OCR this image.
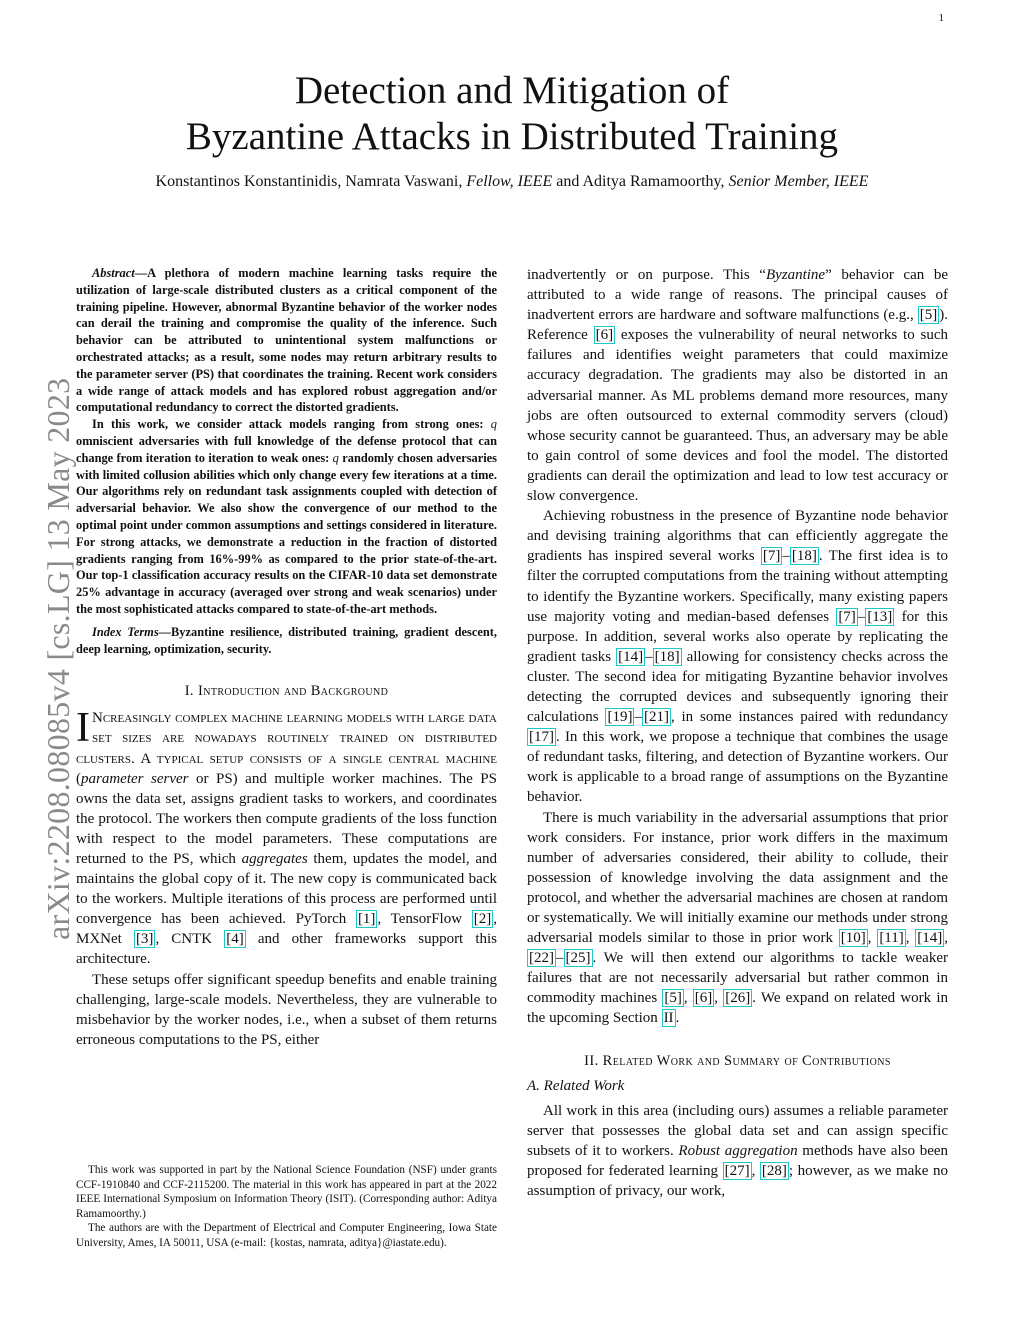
1
arXiv:2208.08085v4 [cs.LG] 13 May 2023
Detection and Mitigation of
Byzantine Attacks in Distributed Training
Konstantinos Konstantinidis, Namrata Vaswani, Fellow, IEEE and Aditya Ramamoorthy, Senior Member, IEEE

Abstract—A plethora of modern machine learning tasks require the utilization of large-scale distributed clusters as a critical component of the training pipeline. However, abnormal Byzantine behavior of the worker nodes can derail the training and compromise the quality of the inference. Such behavior can be attributed to unintentional system malfunctions or orchestrated attacks; as a result, some nodes may return arbitrary results to the parameter server (PS) that coordinates the training. Recent work considers a wide range of attack models and has explored robust aggregation and/or computational redundancy to correct the distorted gradients.

In this work, we consider attack models ranging from strong ones: q omniscient adversaries with full knowledge of the defense protocol that can change from iteration to iteration to weak ones: q randomly chosen adversaries with limited collusion abilities which only change every few iterations at a time. Our algorithms rely on redundant task assignments coupled with detection of adversarial behavior. We also show the convergence of our method to the optimal point under common assumptions and settings considered in literature. For strong attacks, we demonstrate a reduction in the fraction of distorted gradients ranging from 16%-99% as compared to the prior state-of-the-art. Our top-1 classification accuracy results on the CIFAR-10 data set demonstrate 25% advantage in accuracy (averaged over strong and weak scenarios) under the most sophisticated attacks compared to state-of-the-art methods.

Index Terms—Byzantine resilience, distributed training, gradient descent, deep learning, optimization, security.

I. Introduction and Background

I Ncreasingly complex machine learning models with large data set sizes are nowadays routinely trained on distributed clusters. A typical setup consists of a single central machine (parameter server or PS) and multiple worker machines. The PS owns the data set, assigns gradient tasks to workers, and coordinates the protocol. The workers then compute gradients of the loss function with respect to the model parameters. These computations are returned to the PS, which aggregates them, updates the model, and maintains the global copy of it. The new copy is communicated back to the workers. Multiple iterations of this process are performed until convergence has been achieved. PyTorch [1] , TensorFlow [2] , MXNet [3] , CNTK [4] and other frameworks support this architecture.

These setups offer significant speedup benefits and enable training challenging, large-scale models. Nevertheless, they are vulnerable to misbehavior by the worker nodes, i.e., when a subset of them returns erroneous computations to the PS, either

This work was supported in part by the National Science Foundation (NSF) under grants CCF-1910840 and CCF-2115200. The material in this work has appeared in part at the 2022 IEEE International Symposium on Information Theory (ISIT). (Corresponding author: Aditya Ramamoorthy.)

The authors are with the Department of Electrical and Computer Engineering, Iowa State University, Ames, IA 50011, USA (e-mail: {kostas, namrata, aditya}@iastate.edu).

inadvertently or on purpose. This “Byzantine” behavior can be attributed to a wide range of reasons. The principal causes of inadvertent errors are hardware and software malfunctions (e.g., [5] ). Reference [6] exposes the vulnerability of neural networks to such failures and identifies weight parameters that could maximize accuracy degradation. The gradients may also be distorted in an adversarial manner. As ML problems demand more resources, many jobs are often outsourced to external commodity servers (cloud) whose security cannot be guaranteed. Thus, an adversary may be able to gain control of some devices and fool the model. The distorted gradients can derail the optimization and lead to low test accuracy or slow convergence.

Achieving robustness in the presence of Byzantine node behavior and devising training algorithms that can efficiently aggregate the gradients has inspired several works [7] – [18] . The first idea is to filter the corrupted computations from the training without attempting to identify the Byzantine workers. Specifically, many existing papers use majority voting and median-based defenses [7] – [13] for this purpose. In addition, several works also operate by replicating the gradient tasks [14] – [18] allowing for consistency checks across the cluster. The second idea for mitigating Byzantine behavior involves detecting the corrupted devices and subsequently ignoring their calculations [19] – [21] , in some instances paired with redundancy [17] . In this work, we propose a technique that combines the usage of redundant tasks, filtering, and detection of Byzantine workers. Our work is applicable to a broad range of assumptions on the Byzantine behavior.

There is much variability in the adversarial assumptions that prior work considers. For instance, prior work differs in the maximum number of adversaries considered, their ability to collude, their possession of knowledge involving the data assignment and the protocol, and whether the adversarial machines are chosen at random or systematically. We will initially examine our methods under strong adversarial models similar to those in prior work [10] , [11] , [14] , [22] – [25] . We will then extend our algorithms to tackle weaker failures that are not necessarily adversarial but rather common in commodity machines [5] , [6] , [26] . We expand on related work in the upcoming Section II .

II. Related Work and Summary of Contributions
A. Related Work

All work in this area (including ours) assumes a reliable parameter server that possesses the global data set and can assign specific subsets of it to workers. Robust aggregation methods have also been proposed for federated learning [27] , [28] ; however, as we make no assumption of privacy, our work,
